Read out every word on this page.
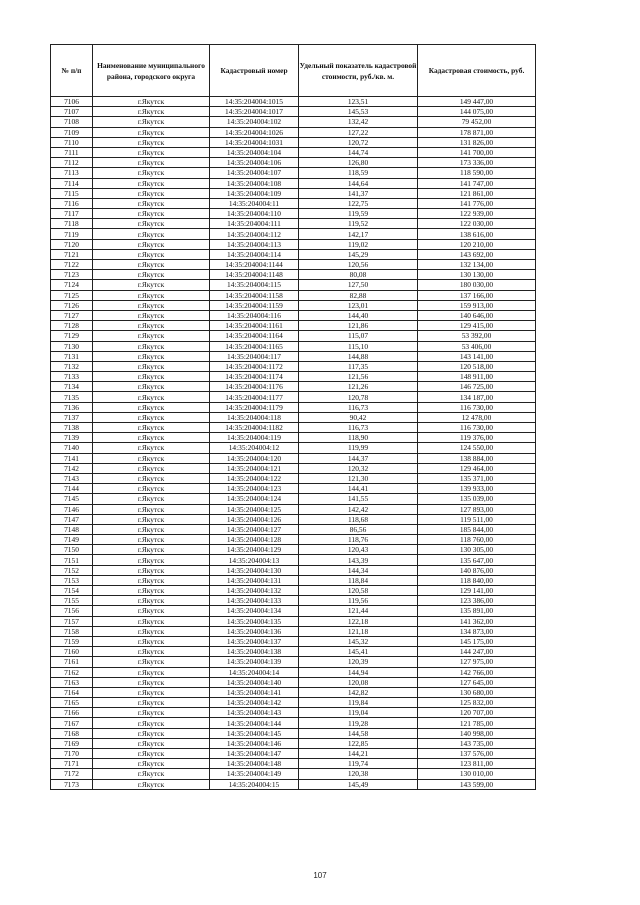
№ п/п	Наименование муниципального района, городского округа	Кадастровый номер	Удельный показатель кадастровой стоимости, руб./кв. м.	Кадастровая стоимость, руб.
7106	г.Якутск	14:35:204004:1015	123,51	149 447,00
7107	г.Якутск	14:35:204004:1017	145,53	144 075,00
7108	г.Якутск	14:35:204004:102	132,42	79 452,00
7109	г.Якутск	14:35:204004:1026	127,22	178 871,00
7110	г.Якутск	14:35:204004:1031	120,72	131 826,00
7111	г.Якутск	14:35:204004:104	144,74	141 700,00
7112	г.Якутск	14:35:204004:106	126,80	173 336,00
7113	г.Якутск	14:35:204004:107	118,59	118 590,00
7114	г.Якутск	14:35:204004:108	144,64	141 747,00
7115	г.Якутск	14:35:204004:109	141,37	121 861,00
7116	г.Якутск	14:35:204004:11	122,75	141 776,00
7117	г.Якутск	14:35:204004:110	119,59	122 939,00
7118	г.Якутск	14:35:204004:111	119,52	122 030,00
7119	г.Якутск	14:35:204004:112	142,17	138 616,00
7120	г.Якутск	14:35:204004:113	119,02	120 210,00
7121	г.Якутск	14:35:204004:114	145,29	143 692,00
7122	г.Якутск	14:35:204004:1144	120,56	132 134,00
7123	г.Якутск	14:35:204004:1148	80,08	130 130,00
7124	г.Якутск	14:35:204004:115	127,50	180 030,00
7125	г.Якутск	14:35:204004:1158	82,88	137 166,00
7126	г.Якутск	14:35:204004:1159	123,01	159 913,00
7127	г.Якутск	14:35:204004:116	144,40	140 646,00
7128	г.Якутск	14:35:204004:1161	121,86	129 415,00
7129	г.Якутск	14:35:204004:1164	115,07	53 392,00
7130	г.Якутск	14:35:204004:1165	115,10	53 406,00
7131	г.Якутск	14:35:204004:117	144,88	143 141,00
7132	г.Якутск	14:35:204004:1172	117,35	120 518,00
7133	г.Якутск	14:35:204004:1174	121,56	148 911,00
7134	г.Якутск	14:35:204004:1176	121,26	146 725,00
7135	г.Якутск	14:35:204004:1177	120,78	134 187,00
7136	г.Якутск	14:35:204004:1179	116,73	116 730,00
7137	г.Якутск	14:35:204004:118	90,42	12 478,00
7138	г.Якутск	14:35:204004:1182	116,73	116 730,00
7139	г.Якутск	14:35:204004:119	118,90	119 376,00
7140	г.Якутск	14:35:204004:12	119,99	124 550,00
7141	г.Якутск	14:35:204004:120	144,37	138 884,00
7142	г.Якутск	14:35:204004:121	120,32	129 464,00
7143	г.Якутск	14:35:204004:122	121,30	135 371,00
7144	г.Якутск	14:35:204004:123	144,41	139 933,00
7145	г.Якутск	14:35:204004:124	141,55	135 039,00
7146	г.Якутск	14:35:204004:125	142,42	127 893,00
7147	г.Якутск	14:35:204004:126	118,68	119 511,00
7148	г.Якутск	14:35:204004:127	86,56	185 844,00
7149	г.Якутск	14:35:204004:128	118,76	118 760,00
7150	г.Якутск	14:35:204004:129	120,43	130 305,00
7151	г.Якутск	14:35:204004:13	143,39	135 647,00
7152	г.Якутск	14:35:204004:130	144,34	140 876,00
7153	г.Якутск	14:35:204004:131	118,84	118 840,00
7154	г.Якутск	14:35:204004:132	120,58	129 141,00
7155	г.Якутск	14:35:204004:133	119,56	123 386,00
7156	г.Якутск	14:35:204004:134	121,44	135 891,00
7157	г.Якутск	14:35:204004:135	122,18	141 362,00
7158	г.Якутск	14:35:204004:136	121,18	134 873,00
7159	г.Якутск	14:35:204004:137	145,32	145 175,00
7160	г.Якутск	14:35:204004:138	145,41	144 247,00
7161	г.Якутск	14:35:204004:139	120,39	127 975,00
7162	г.Якутск	14:35:204004:14	144,94	142 766,00
7163	г.Якутск	14:35:204004:140	120,08	127 645,00
7164	г.Якутск	14:35:204004:141	142,82	130 680,00
7165	г.Якутск	14:35:204004:142	119,84	125 832,00
7166	г.Якутск	14:35:204004:143	119,04	120 707,00
7167	г.Якутск	14:35:204004:144	119,28	121 785,00
7168	г.Якутск	14:35:204004:145	144,58	140 998,00
7169	г.Якутск	14:35:204004:146	122,85	143 735,00
7170	г.Якутск	14:35:204004:147	144,21	137 576,00
7171	г.Якутск	14:35:204004:148	119,74	123 811,00
7172	г.Якутск	14:35:204004:149	120,38	130 010,00
7173	г.Якутск	14:35:204004:15	145,49	143 599,00
107
